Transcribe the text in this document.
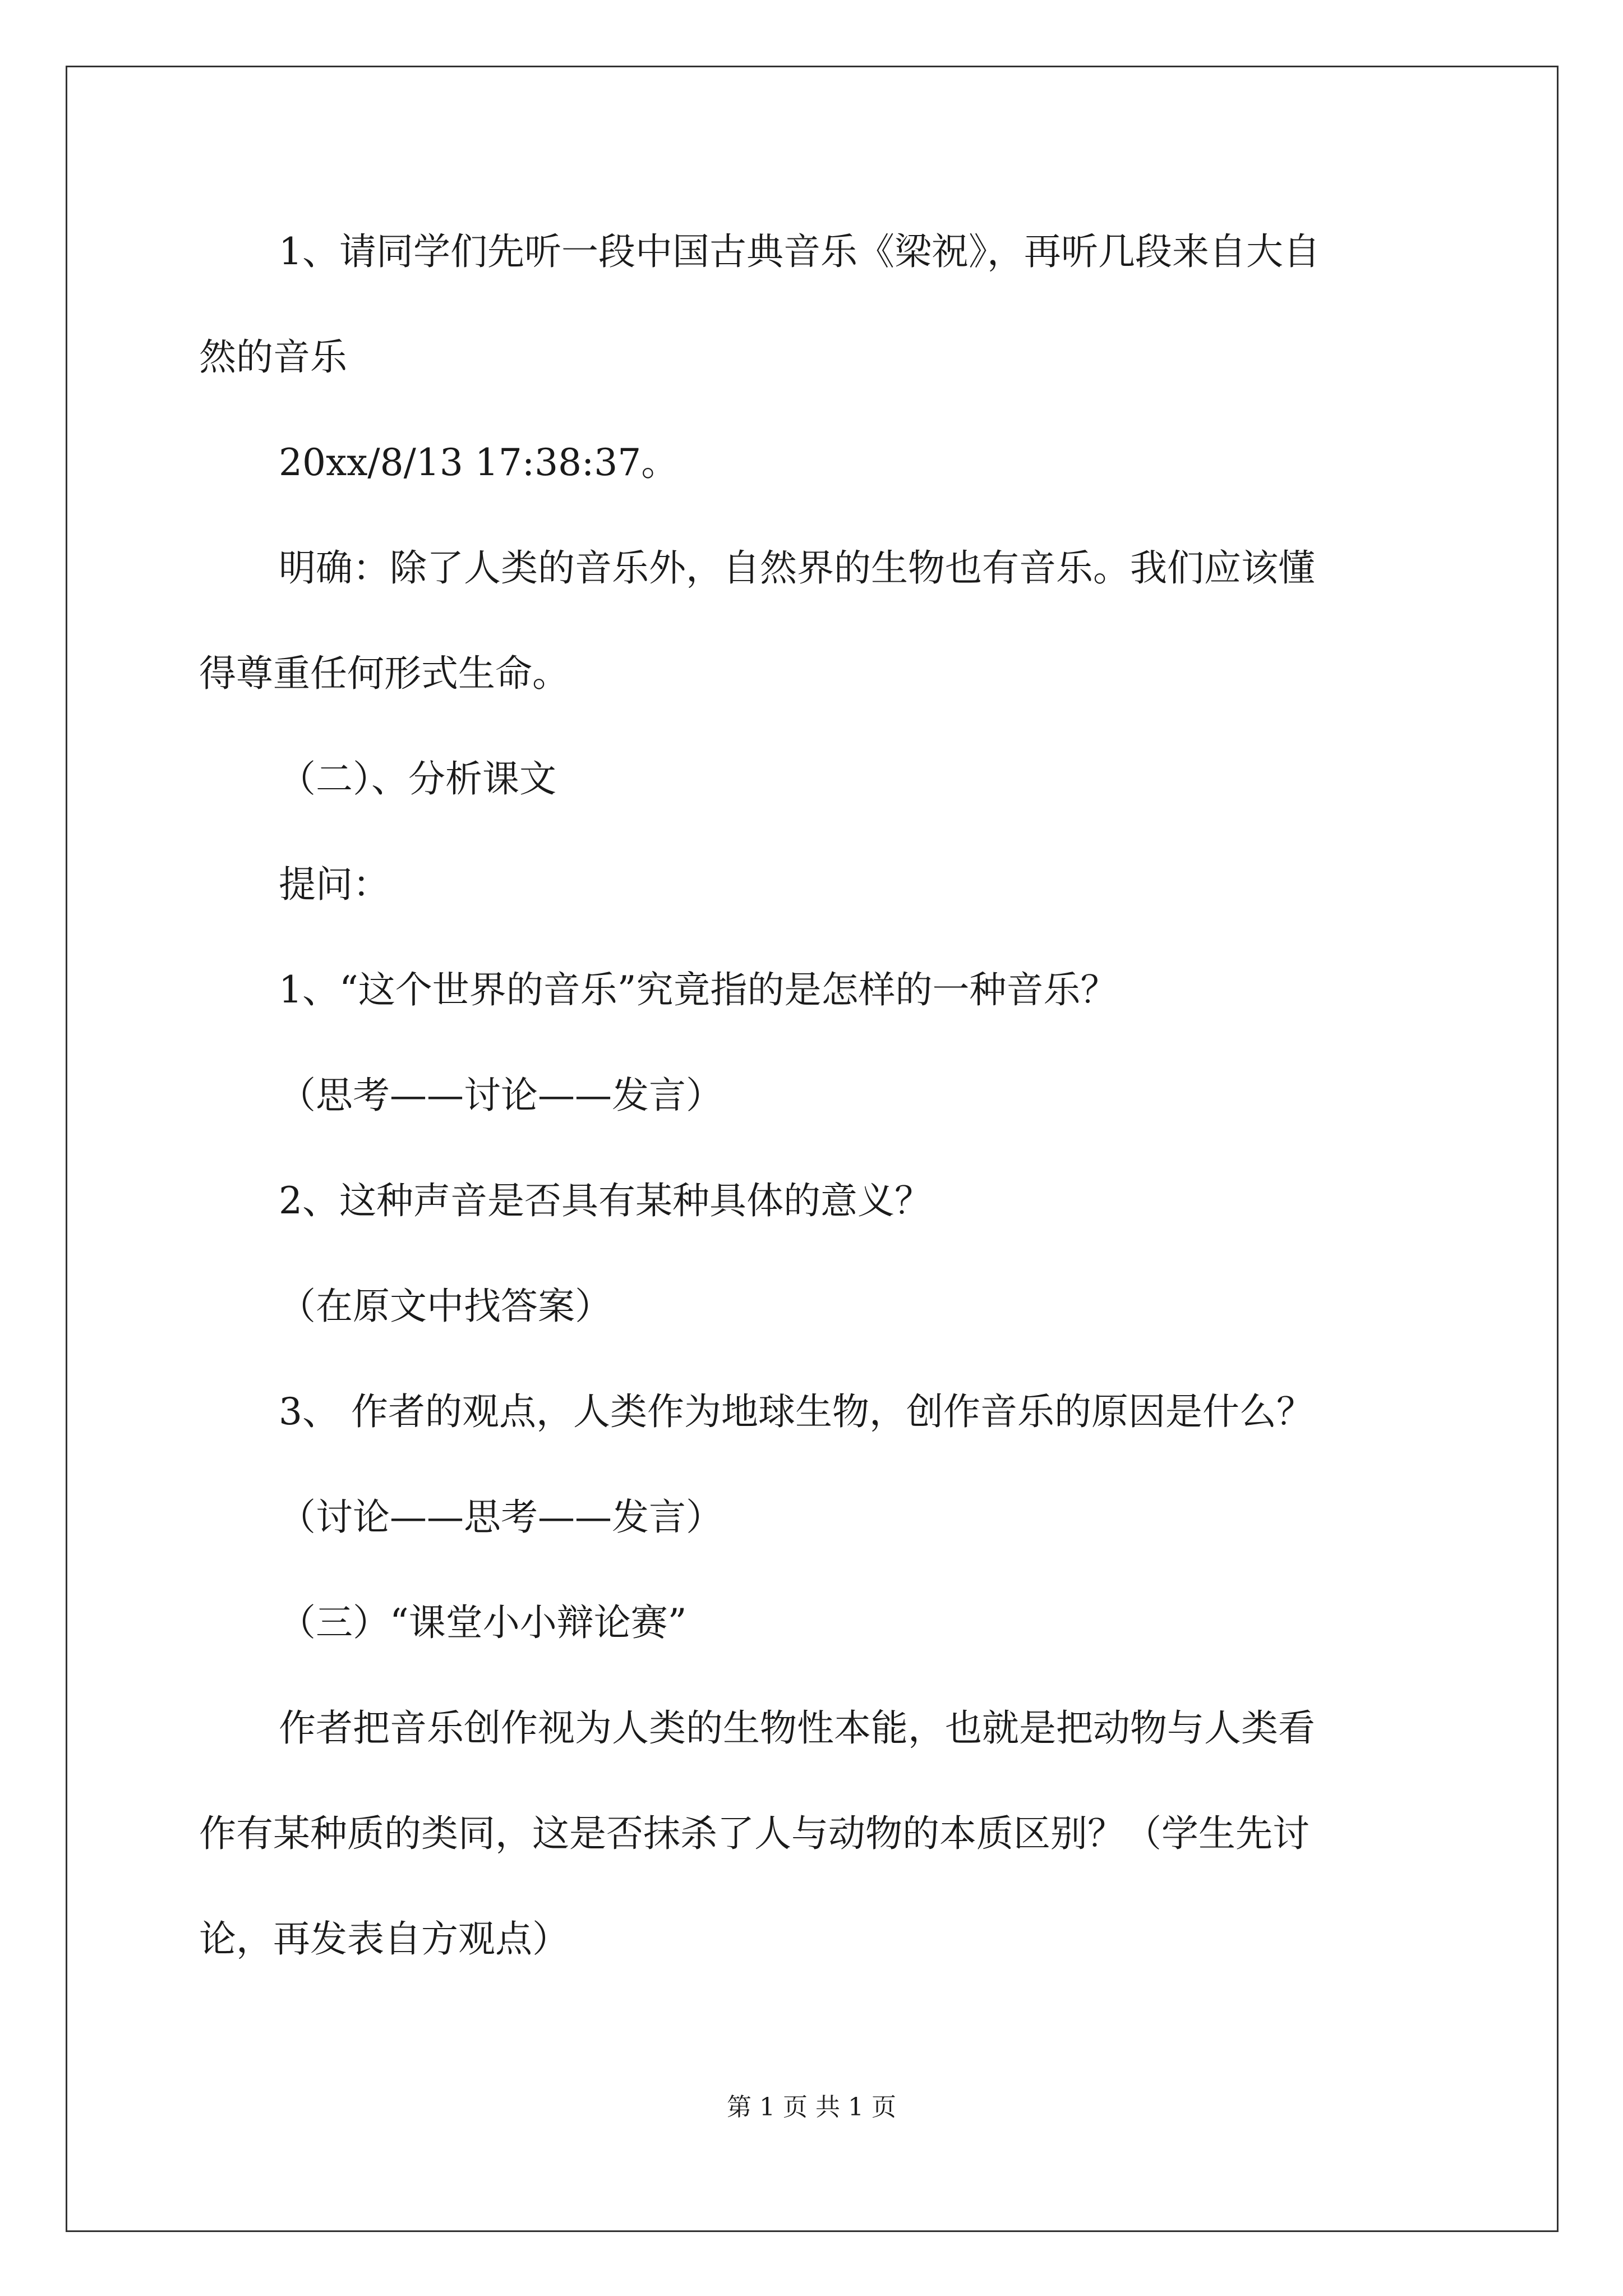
1、请同学们先听一段中国古典音乐《梁祝》，再听几段来自大自

然的音乐

20xx/8/13 17:38:37。

明确：除了人类的音乐外，自然界的生物也有音乐。我们应该懂

得尊重任何形式生命。

（二）、分析课文

提问：

1、“这个世界的音乐”究竟指的是怎样的一种音乐？

（思考——讨论——发言）

2、这种声音是否具有某种具体的意义？

（在原文中找答案）

3、 作者的观点，人类作为地球生物，创作音乐的原因是什么？

（讨论——思考——发言）

（三）“课堂小小辩论赛”

作者把音乐创作视为人类的生物性本能，也就是把动物与人类看

作有某种质的类同，这是否抹杀了人与动物的本质区别？（学生先讨

论，再发表自方观点）

第 1 页 共 1 页
